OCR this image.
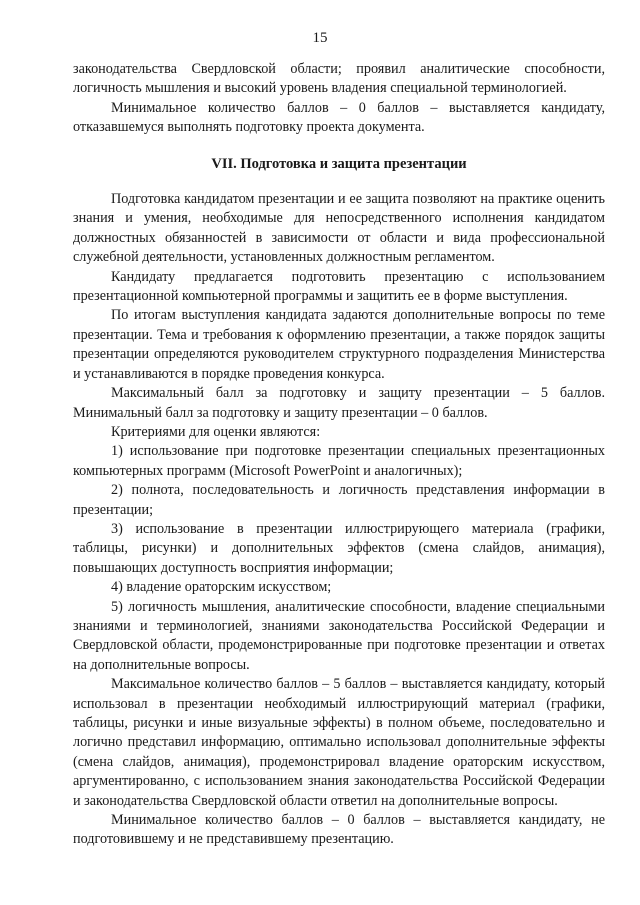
15

законодательства Свердловской области; проявил аналитические способности, логичность мышления и высокий уровень владения специальной терминологией.

Минимальное количество баллов – 0 баллов – выставляется кандидату, отказавшемуся выполнять подготовку проекта документа.

VII. Подготовка и защита презентации

Подготовка кандидатом презентации и ее защита позволяют на практике оценить знания и умения, необходимые для непосредственного исполнения кандидатом должностных обязанностей в зависимости от области и вида профессиональной служебной деятельности, установленных должностным регламентом.

Кандидату предлагается подготовить презентацию с использованием презентационной компьютерной программы и защитить ее в форме выступления.

По итогам выступления кандидата задаются дополнительные вопросы по теме презентации. Тема и требования к оформлению презентации, а также порядок защиты презентации определяются руководителем структурного подразделения Министерства и устанавливаются в порядке проведения конкурса.

Максимальный балл за подготовку и защиту презентации – 5 баллов. Минимальный балл за подготовку и защиту презентации – 0 баллов.

Критериями для оценки являются:

1) использование при подготовке презентации специальных презентационных компьютерных программ (Microsoft PowerPoint и аналогичных);

2) полнота, последовательность и логичность представления информации в презентации;

3) использование в презентации иллюстрирующего материала (графики, таблицы, рисунки) и дополнительных эффектов (смена слайдов, анимация), повышающих доступность восприятия информации;

4) владение ораторским искусством;

5) логичность мышления, аналитические способности, владение специальными знаниями и терминологией, знаниями законодательства Российской Федерации и Свердловской области, продемонстрированные при подготовке презентации и ответах на дополнительные вопросы.

Максимальное количество баллов – 5 баллов – выставляется кандидату, который использовал в презентации необходимый иллюстрирующий материал (графики, таблицы, рисунки и иные визуальные эффекты) в полном объеме, последовательно и логично представил информацию, оптимально использовал дополнительные эффекты (смена слайдов, анимация), продемонстрировал владение ораторским искусством, аргументированно, с использованием знания законодательства Российской Федерации и законодательства Свердловской области ответил на дополнительные вопросы.

Минимальное количество баллов – 0 баллов – выставляется кандидату, не подготовившему и не представившему презентацию.
